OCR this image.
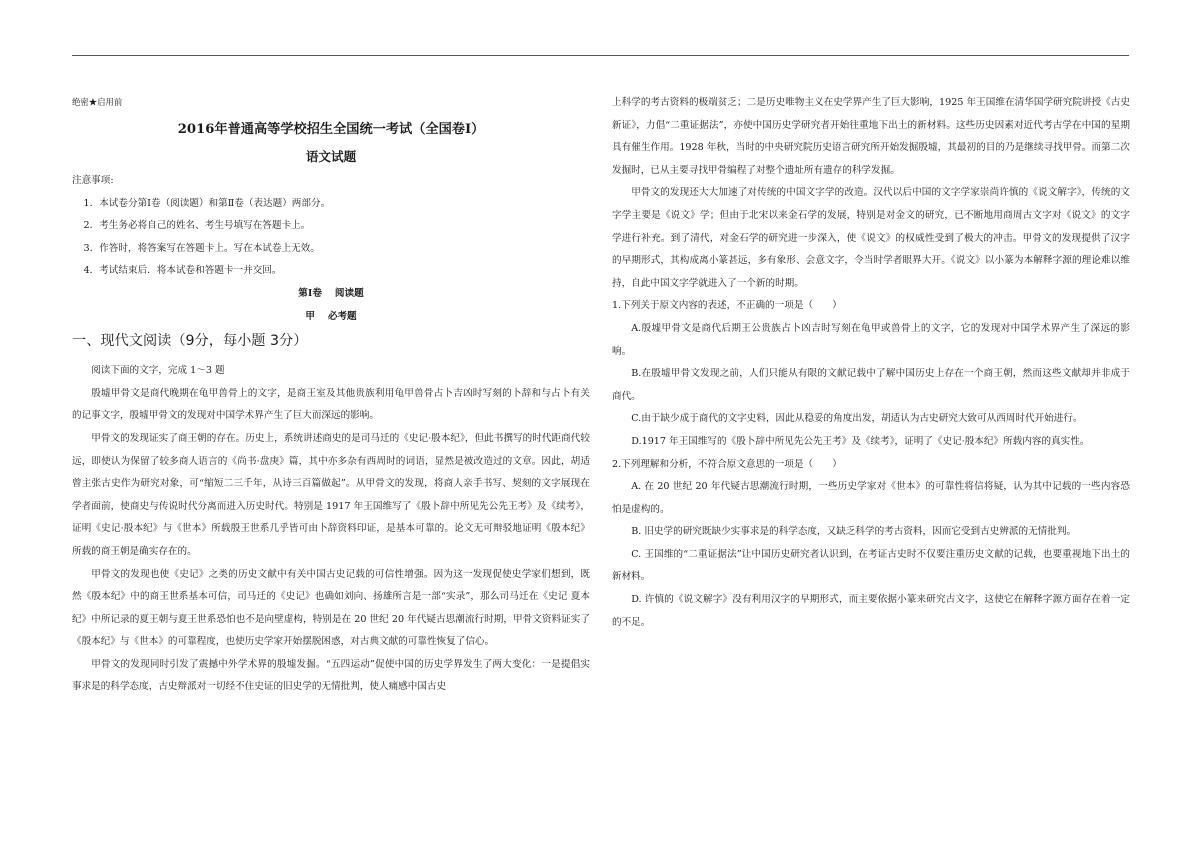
绝密★启用前

2016年普通高等学校招生全国统一考试（全国卷Ⅰ）

语文试题

注意事项:

1．本试卷分第Ⅰ卷（阅读题）和第Ⅱ卷（表达题）两部分。

2．考生务必将自己的姓名、考生号填写在答题卡上。

3．作答时，将答案写在答题卡上。写在本试卷上无效。

4．考试结束后．将本试卷和答题卡一并交回。

第Ⅰ卷　 阅读题

甲　 必考题

一、现代文阅读（9分，每小题 3分）

阅读下面的文字，完成 1～3 题

殷墟甲骨文是商代晚期在龟甲兽骨上的文字，是商王室及其他贵族利用龟甲兽骨占卜吉凶时写刻的卜辞和与占卜有关的记事文字，殷墟甲骨文的发现对中国学术界产生了巨大而深远的影响。

甲骨文的发现证实了商王朝的存在。历史上，系统讲述商史的是司马迁的《史记·殷本纪》，但此书撰写的时代距商代较远，即使认为保留了较多商人语言的《尚书·盘庚》篇，其中亦多杂有西周时的词语，显然是被改造过的文章。因此，胡适曾主张古史作为研究对象，可“缩短二三千年，从诗三百篇做起”。从甲骨文的发现，将商人亲手书写、契刻的文字展现在学者面前，使商史与传说时代分离而进入历史时代。特别是 1917 年王国维写了《殷卜辞中所见先公先王考》及《续考》，证明《史记·殷本纪》与《世本》所载殷王世系几乎皆可由卜辞资料印证，是基本可靠的。论文无可辩驳地证明《殷本纪》所载的商王朝是确实存在的。

甲骨文的发现也使《史记》之类的历史文献中有关中国古史记载的可信性增强。因为这一发现促使史学家们想到，既然《殷本纪》中的商王世系基本可信，司马迁的《史记》也确如刘向、扬雄所言是一部“实录”，那么司马迁在《史记 夏本纪》中所记录的夏王朝与夏王世系恐怕也不是向壁虚构，特别是在 20 世纪 20 年代疑古思潮流行时期，甲骨文资料证实了《殷本纪》与《世本》的可靠程度，也使历史学家开始摆脱困惑，对古典文献的可靠性恢复了信心。

甲骨文的发现同时引发了震撼中外学术界的殷墟发掘。“五四运动”促使中国的历史学界发生了两大变化：一是提倡实事求是的科学态度，古史辩派对一切经不住史证的旧史学的无情批判，使人痛感中国古史

上科学的考古资料的极端贫乏；二是历史唯物主义在史学界产生了巨大影响，1925 年王国维在清华国学研究院讲授《古史新证》，力倡“二重证据法”，亦使中国历史学研究者开始往重地下出土的新材料。这些历史因素对近代考古学在中国的星期具有催生作用。1928 年秋，当时的中央研究院历史语言研究所开始发掘殷墟，其最初的目的乃是继续寻找甲骨。而第二次发掘时，已从主要寻找甲骨编程了对整个遗址所有遗存的科学发掘。

甲骨文的发现还大大加速了对传统的中国文字学的改造。汉代以后中国的文字学家崇尚许慎的《说文解字》，传统的文字学主要是《说文》学；但由于北宋以来金石学的发展，特别是对金文的研究，已不断地用商周古文字对《说文》的文字学进行补充。到了清代，对金石学的研究进一步深入，使《说文》的权威性受到了极大的冲击。甲骨文的发现提供了汉字的早期形式，其构成离小篆甚远，多有象形、会意文字，令当时学者眼界大开。《说文》以小篆为本解释字源的理论难以维持，自此中国文字学就进入了一个新的时期。

1.下列关于原文内容的表述，不正确的一项是（　　）

A.殷墟甲骨文是商代后期王公贵族占卜凶吉时写刻在龟甲或兽骨上的文字，它的发现对中国学术界产生了深远的影响。

B.在殷墟甲骨文发现之前，人们只能从有限的文献记载中了解中国历史上存在一个商王朝，然而这些文献却并非成于商代。

C.由于缺少成于商代的文字史料，因此从稳妥的角度出发，胡适认为古史研究大致可从西周时代开始进行。

D.1917 年王国维写的《殷卜辞中所见先公先王考》及《续考》，证明了《史记·殷本纪》所载内容的真实性。

2.下列理解和分析，不符合原文意思的一项是（　　）

A. 在 20 世纪 20 年代疑古思潮流行时期，一些历史学家对《世本》的可靠性将信将疑，认为其中记载的一些内容恐怕是虚构的。

B. 旧史学的研究既缺少实事求是的科学态度，又缺乏科学的考古资料，因而它受到古史辨派的无情批判。

C. 王国维的“二重证据法”让中国历史研究者认识到，在考证古史时不仅要注重历史文献的记载，也要重视地下出土的新材料。

D. 许慎的《说文解字》没有利用汉字的早期形式，而主要依据小篆来研究古文字，这使它在解释字源方面存在着一定的不足。
